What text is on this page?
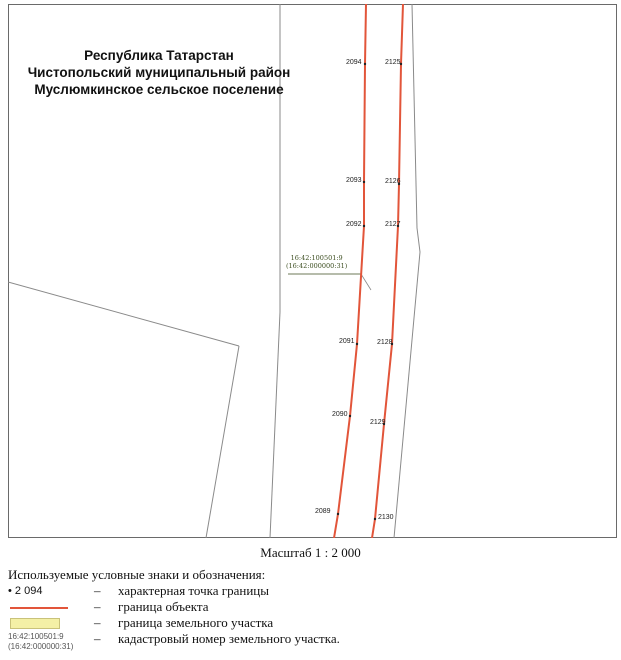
Республика Татарстан
Чистопольский муниципальный район
Муслюмкинское сельское поселение
2094
2093
2092
2091
2090
2089
2125
2126
2127
2128
2129
2130
16:42:100501:9
(16:42:000000:31)
Масштаб 1 : 2 000
Используемые условные знаки и обозначения:
• 2 094	– характерная точка границы
– граница объекта
– граница земельного участка
16:42:100501:9
(16:42:000000:31)
– кадастровый номер земельного участка.
